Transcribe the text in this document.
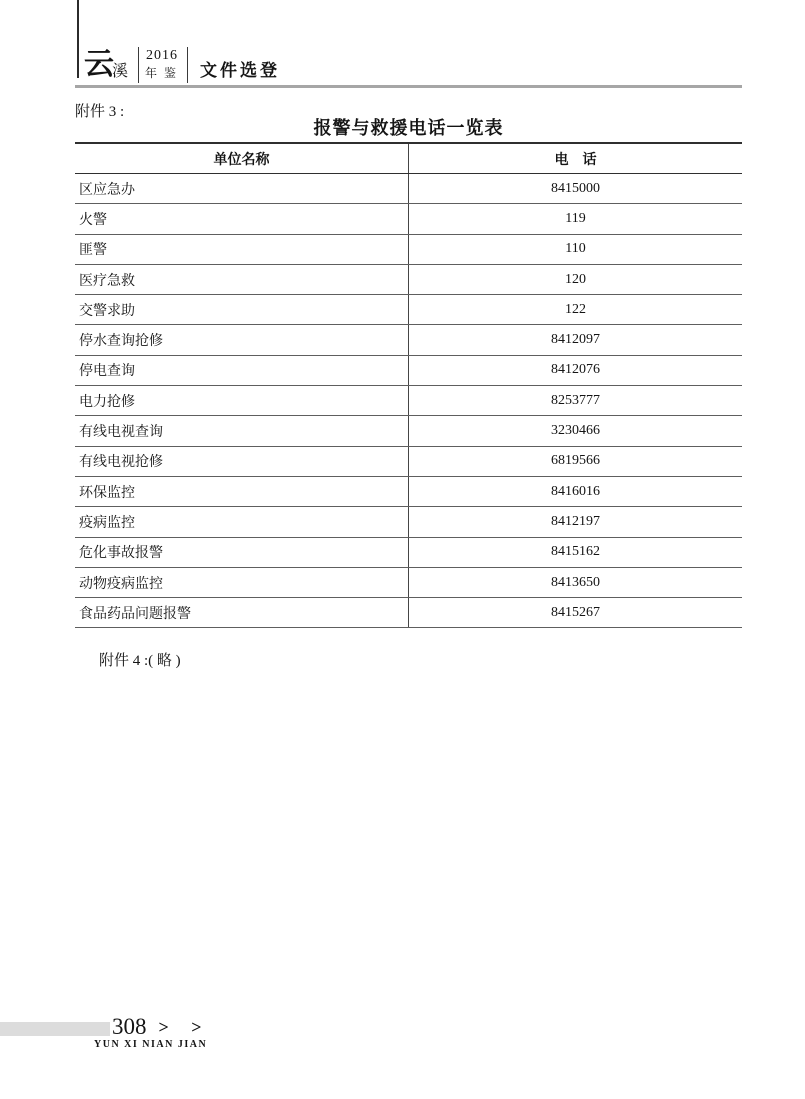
云
溪
2016
年 鉴 文件选登
附件 3 :
报警与救援电话一览表
单位名称	电　话
区应急办	8415000
火警	119
匪警	110
医疗急救	120
交警求助	122
停水查询抢修	8412097
停电查询	8412076
电力抢修	8253777
有线电视查询	3230466
有线电视抢修	6819566
环保监控	8416016
疫病监控	8412197
危化事故报警	8415162
动物疫病监控	8413650
食品药品问题报警	8415267
附件 4 :( 略 )
308 > >
YUN XI NIAN JIAN
